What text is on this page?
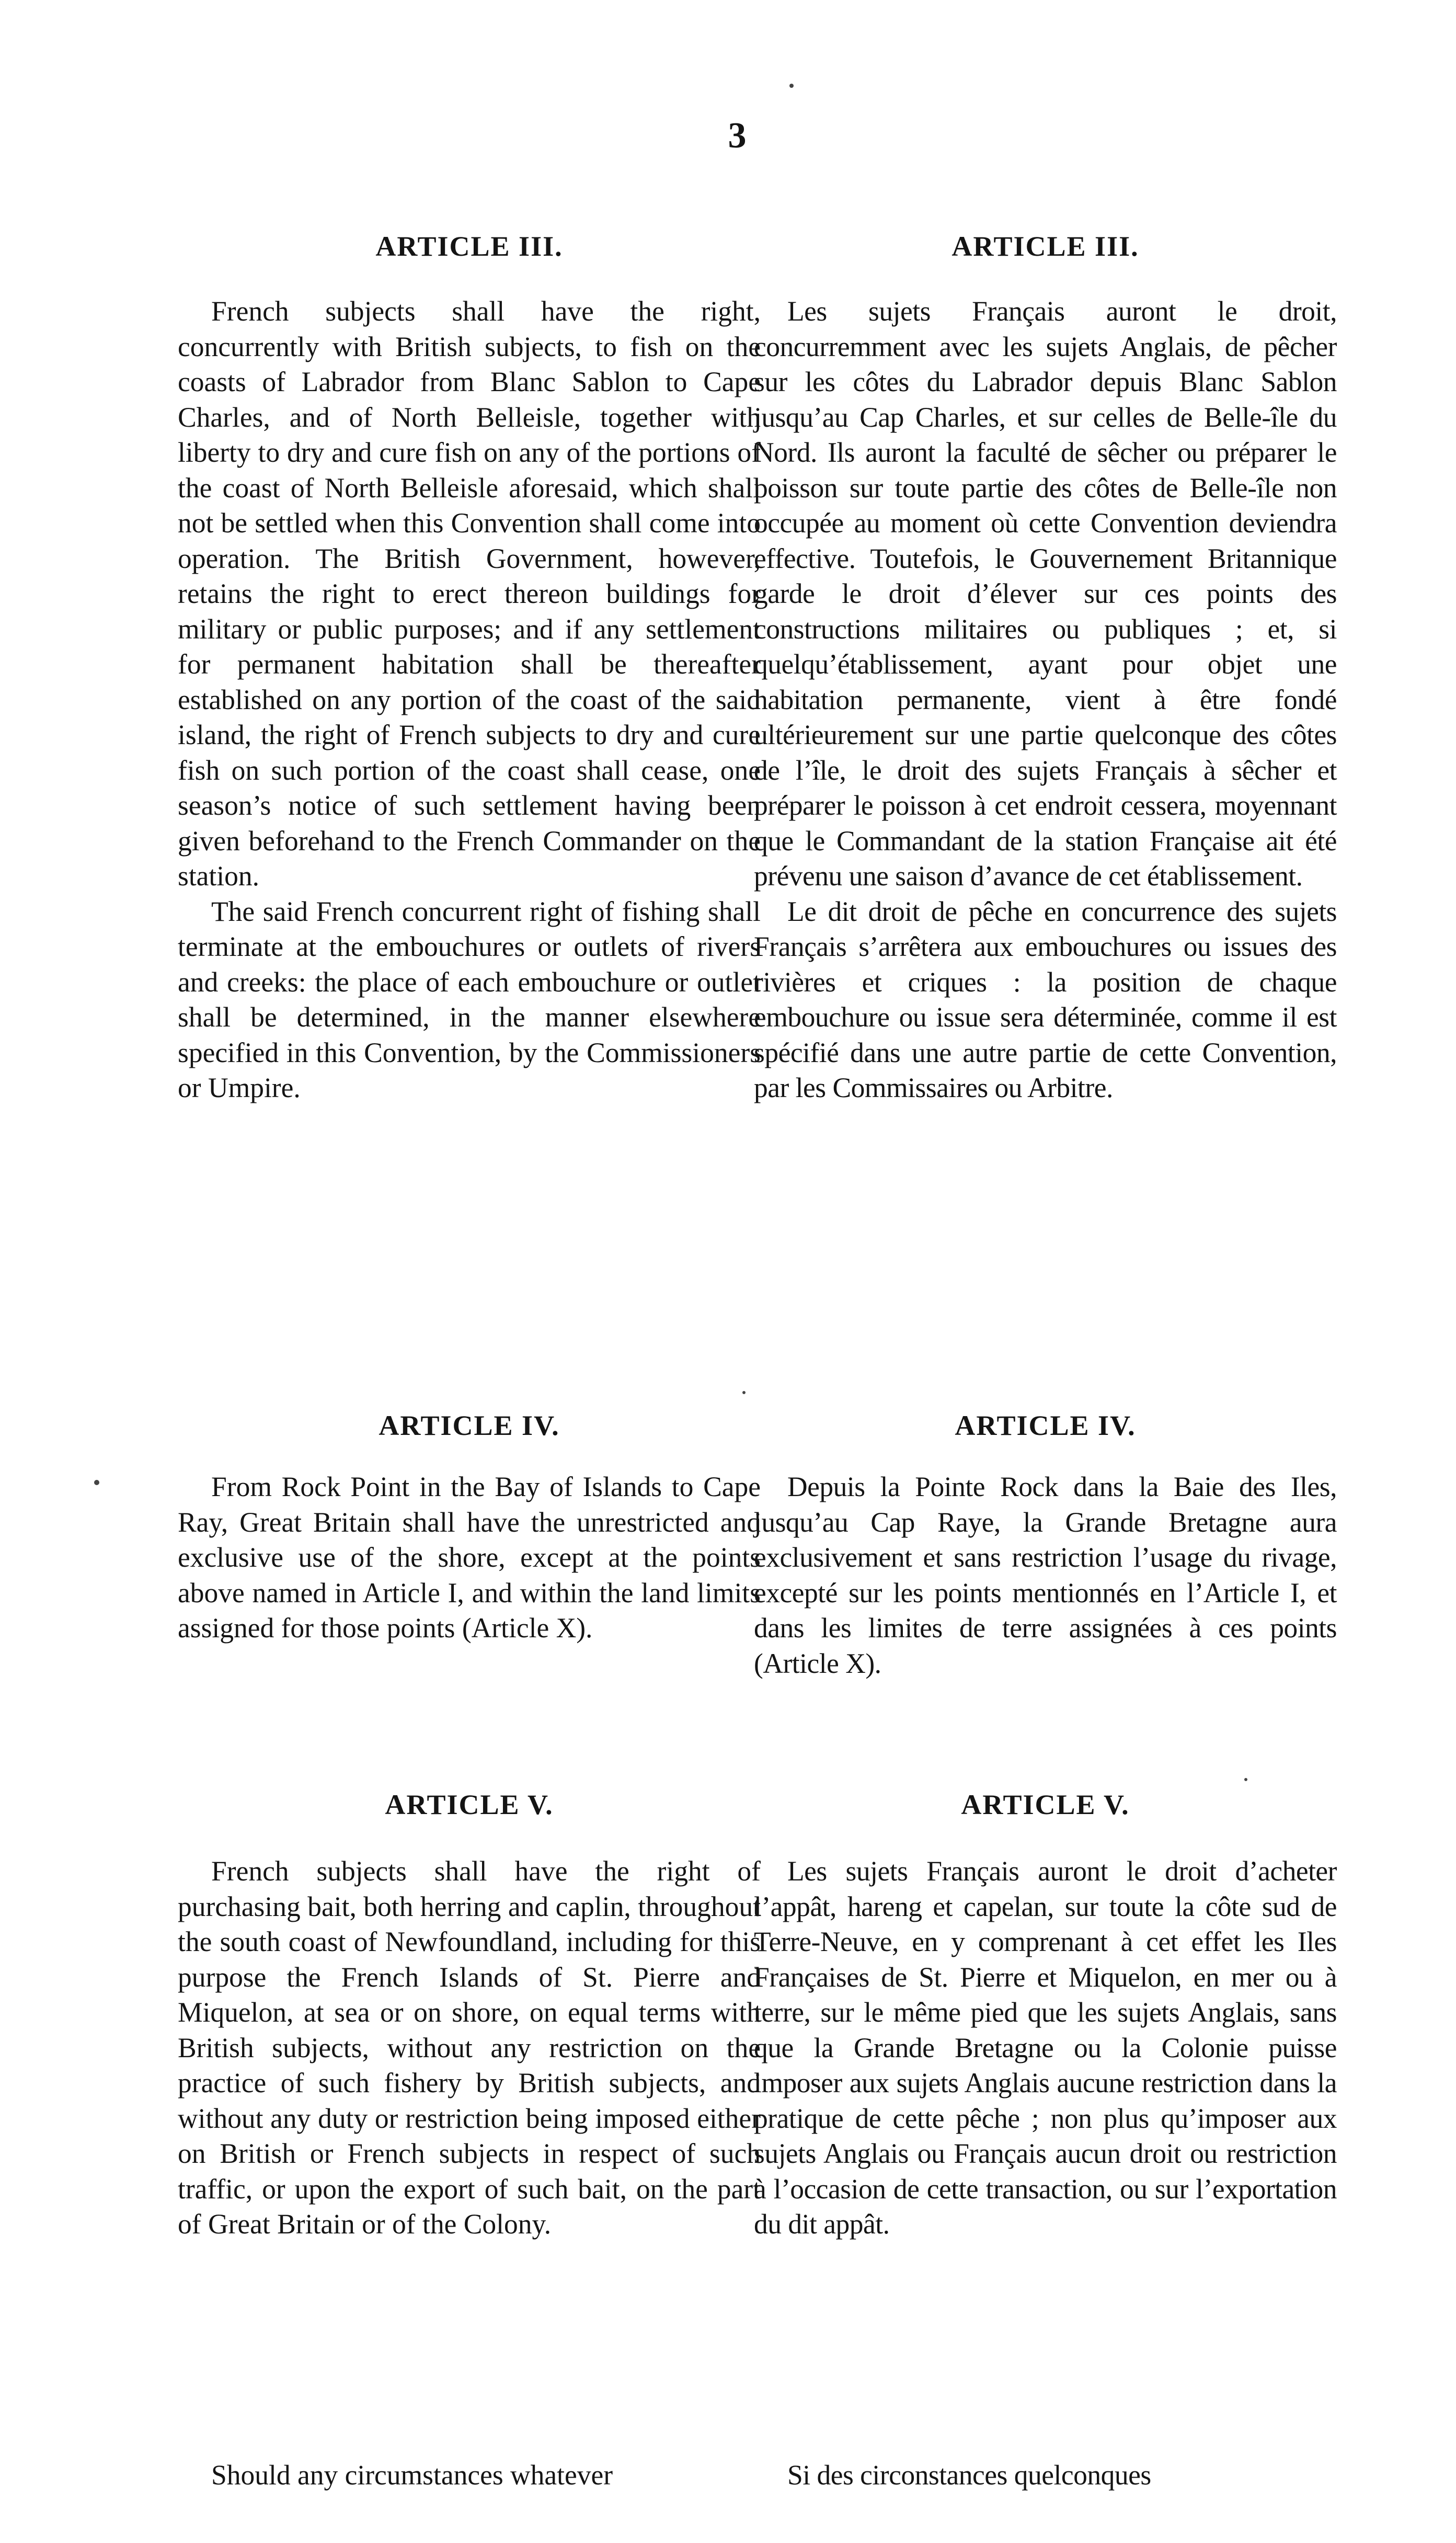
3
ARTICLE III.

French subjects shall have the right, concurrently with British subjects, to fish on the coasts of Labrador from Blanc Sablon to Cape Charles, and of North Belleisle, together with liberty to dry and cure fish on any of the portions of the coast of North Belleisle aforesaid, which shall not be settled when this Convention shall come into operation. The British Government, however, retains the right to erect thereon buildings for military or public purposes; and if any settlement for permanent habitation shall be thereafter established on any portion of the coast of the said island, the right of French subjects to dry and cure fish on such portion of the coast shall cease, one season’s notice of such settlement having been given beforehand to the French Commander on the station.

The said French concurrent right of fishing shall terminate at the embouchures or outlets of rivers and creeks: the place of each embouchure or outlet shall be determined, in the manner elsewhere specified in this Convention, by the Commissioners or Umpire.

ARTICLE IV.

From Rock Point in the Bay of Islands to Cape Ray, Great Britain shall have the unrestricted and exclusive use of the shore, except at the points above named in Article I, and within the land limits assigned for those points (Article X).

ARTICLE V.

French subjects shall have the right of purchasing bait, both herring and caplin, throughout the south coast of Newfoundland, including for this purpose the French Islands of St. Pierre and Miquelon, at sea or on shore, on equal terms with British subjects, without any restriction on the practice of such fishery by British subjects, and without any duty or restriction being imposed either on British or French subjects in respect of such traffic, or upon the export of such bait, on the part of Great Britain or of the Colony.

Should any circumstances whatever

ARTICLE III.

Les sujets Français auront le droit, concurremment avec les sujets Anglais, de pêcher sur les côtes du Labrador depuis Blanc Sablon jusqu’au Cap Charles, et sur celles de Belle-île du Nord. Ils auront la faculté de sêcher ou préparer le poisson sur toute partie des côtes de Belle-île non occupée au moment où cette Convention deviendra effective. Toutefois, le Gouvernement Britannique garde le droit d’élever sur ces points des constructions militaires ou publiques ; et, si quelqu’établissement, ayant pour objet une habitation permanente, vient à être fondé ultérieurement sur une partie quelconque des côtes de l’île, le droit des sujets Français à sêcher et préparer le poisson à cet endroit cessera, moyennant que le Commandant de la station Française ait été prévenu une saison d’avance de cet établissement.

Le dit droit de pêche en concurrence des sujets Français s’arrêtera aux embouchures ou issues des rivières et criques : la position de chaque embouchure ou issue sera déterminée, comme il est spécifié dans une autre partie de cette Convention, par les Commissaires ou Arbitre.

ARTICLE IV.

Depuis la Pointe Rock dans la Baie des Iles, jusqu’au Cap Raye, la Grande Bretagne aura exclusivement et sans restriction l’usage du rivage, excepté sur les points mentionnés en l’Article I, et dans les limites de terre assignées à ces points (Article X).

ARTICLE V.

Les sujets Français auront le droit d’acheter l’appât, hareng et capelan, sur toute la côte sud de Terre-Neuve, en y comprenant à cet effet les Iles Françaises de St. Pierre et Miquelon, en mer ou à terre, sur le même pied que les sujets Anglais, sans que la Grande Bretagne ou la Colonie puisse imposer aux sujets Anglais aucune restriction dans la pratique de cette pêche ; non plus qu’imposer aux sujets Anglais ou Français aucun droit ou restriction à l’occasion de cette transaction, ou sur l’exportation du dit appât.

Si des circonstances quelconques
